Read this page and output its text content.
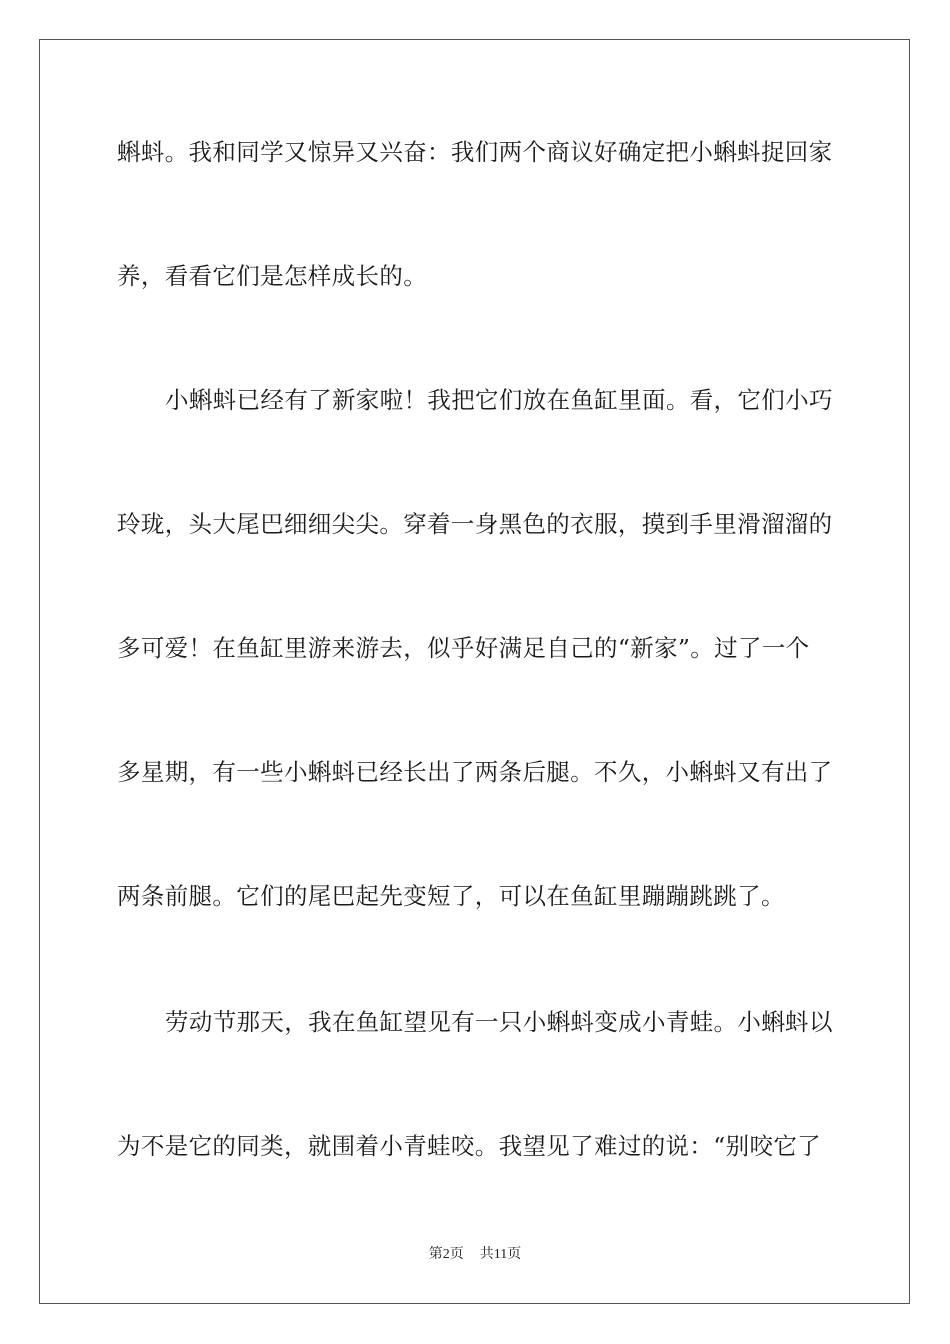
蝌蚪。我和同学又惊异又兴奋：我们两个商议好确定把小蝌蚪捉回家
养，看看它们是怎样成长的。
小蝌蚪已经有了新家啦！我把它们放在鱼缸里面。看，它们小巧
玲珑，头大尾巴细细尖尖。穿着一身黑色的衣服，摸到手里滑溜溜的
多可爱！在鱼缸里游来游去，似乎好满足自己的“新家”。过了一个
多星期，有一些小蝌蚪已经长出了两条后腿。不久，小蝌蚪又有出了
两条前腿。它们的尾巴起先变短了，可以在鱼缸里蹦蹦跳跳了。
劳动节那天，我在鱼缸望见有一只小蝌蚪变成小青蛙。小蝌蚪以
为不是它的同类，就围着小青蛙咬。我望见了难过的说：“别咬它了
第2页 共11页
